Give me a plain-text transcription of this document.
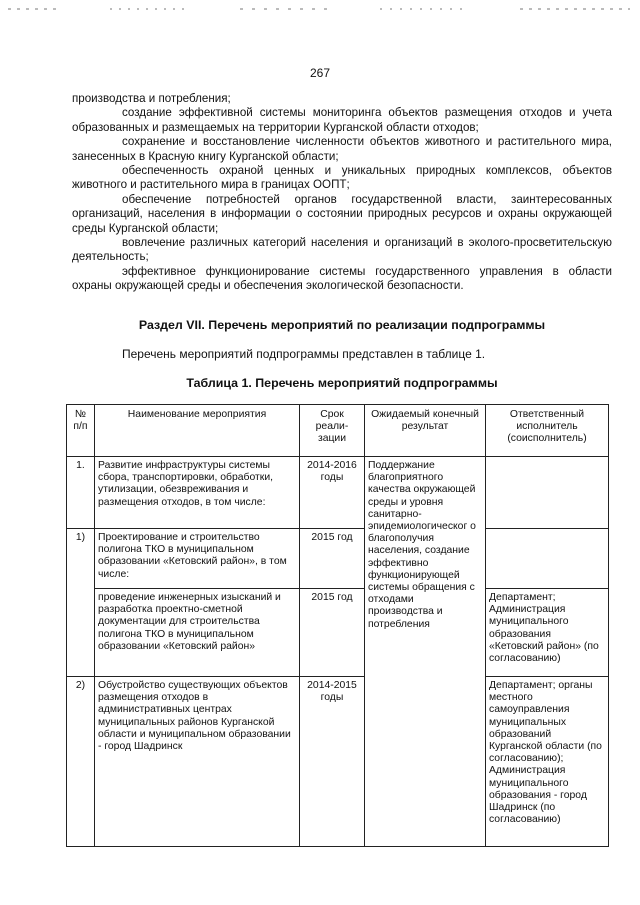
267

производства и потребления;

создание эффективной системы мониторинга объектов размещения отходов и учета образованных и размещаемых на территории Курганской области отходов;

сохранение и восстановление численности объектов животного и растительного мира, занесенных в Красную книгу Курганской области;

обеспеченность охраной ценных и уникальных природных комплексов, объектов животного и растительного мира в границах ООПТ;

обеспечение потребностей органов государственной власти, заинтересованных организаций, населения в информации о состоянии природных ресурсов и охраны окружающей среды Курганской области;

вовлечение различных категорий населения и организаций в эколого-просветительскую деятельность;

эффективное функционирование системы государственного управления в области охраны окружающей среды и обеспечения экологической безопасности.

Раздел VII. Перечень мероприятий по реализации подпрограммы
Перечень мероприятий подпрограммы представлен в таблице 1.
Таблица 1. Перечень мероприятий подпрограммы
№ п/п	Наименование мероприятия	Срок реали-зации	Ожидаемый конечный результат	Ответственный исполнитель (соисполнитель)
1.	Развитие инфраструктуры системы сбора, транспортировки, обработки, утилизации, обезвреживания и размещения отходов, в том числе:	2014-2016 годы	Поддержание благоприятного качества окружающей среды и уровня санитарно-эпидемиологическог о благополучия населения, создание эффективно функционирующей системы обращения с отходами производства и потребления	
1)	Проектирование и строительство полигона ТКО в муниципальном образовании «Кетовский район», в том числе:	2015 год		
	проведение инженерных изысканий и разработка проектно-сметной документации для строительства полигона ТКО в муниципальном образовании «Кетовский район»	2015 год		Департамент; Администрация муниципального образования «Кетовский район» (по согласованию)
2)	Обустройство существующих объектов размещения отходов в административных центрах муниципальных районов Курганской области и муниципальном образовании - город Шадринск	2014-2015 годы		Департамент; органы местного самоуправления муниципальных образований Курганской области (по согласованию); Администрация муниципального образования - город Шадринск (по согласованию)
